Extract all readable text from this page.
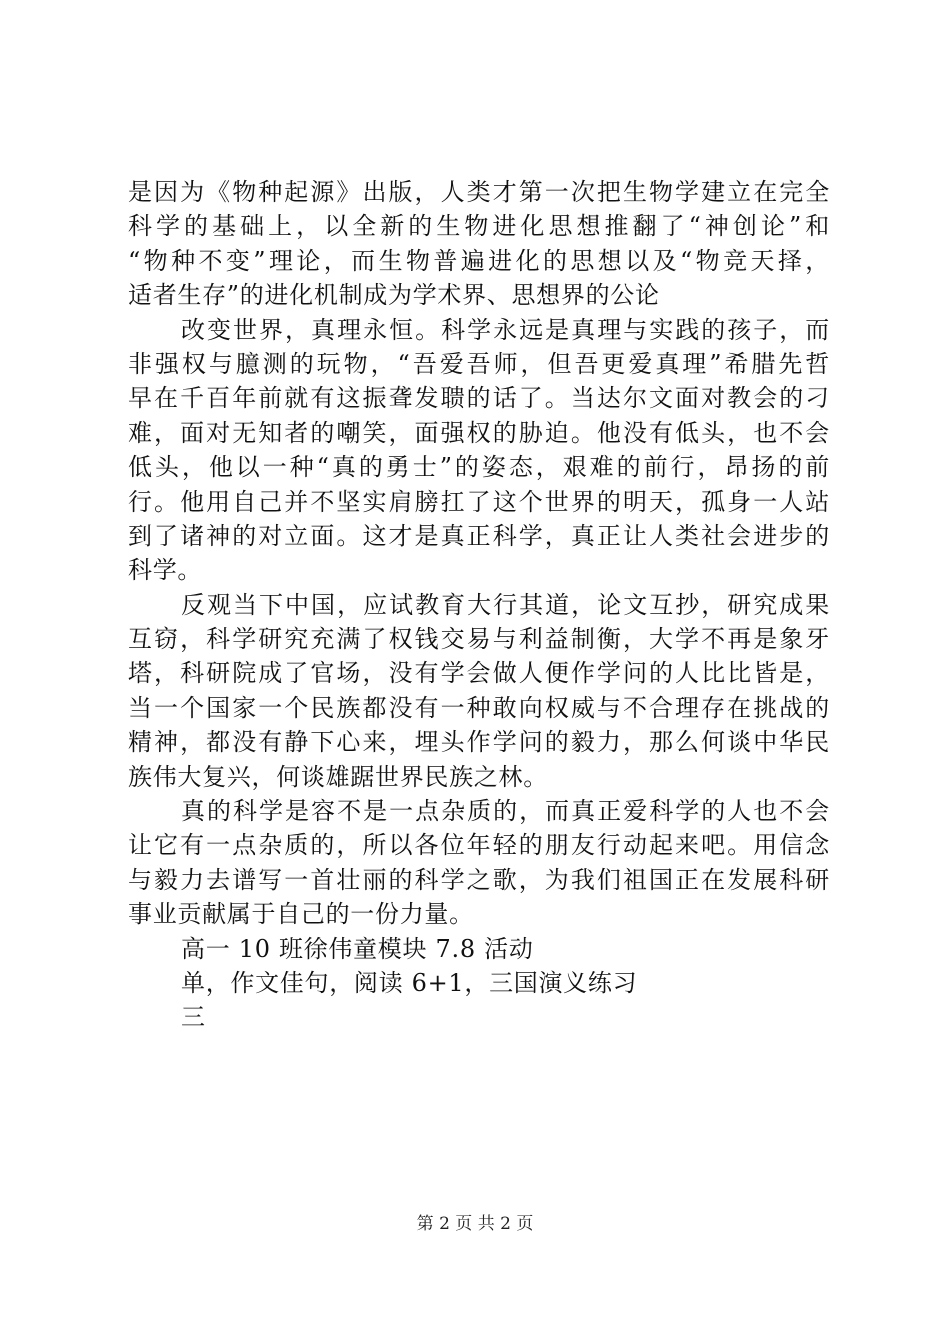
是因为《物种起源》出版，人类才第一次把生物学建立在完全
科学的基础上，以全新的生物进化思想推翻了“神创论”和
“物种不变”理论，而生物普遍进化的思想以及“物竞天择，
适者生存”的进化机制成为学术界、思想界的公论
改变世界，真理永恒。科学永远是真理与实践的孩子，而
非强权与臆测的玩物，“吾爱吾师，但吾更爱真理”希腊先哲
早在千百年前就有这振聋发聩的话了。当达尔文面对教会的刁
难，面对无知者的嘲笑，面强权的胁迫。他没有低头，也不会
低头，他以一种“真的勇士”的姿态，艰难的前行，昂扬的前
行。他用自己并不坚实肩膀扛了这个世界的明天，孤身一人站
到了诸神的对立面。这才是真正科学，真正让人类社会进步的
科学。
反观当下中国，应试教育大行其道，论文互抄，研究成果
互窃，科学研究充满了权钱交易与利益制衡，大学不再是象牙
塔，科研院成了官场，没有学会做人便作学问的人比比皆是，
当一个国家一个民族都没有一种敢向权威与不合理存在挑战的
精神，都没有静下心来，埋头作学问的毅力，那么何谈中华民
族伟大复兴，何谈雄踞世界民族之林。
真的科学是容不是一点杂质的，而真正爱科学的人也不会
让它有一点杂质的，所以各位年轻的朋友行动起来吧。用信念
与毅力去谱写一首壮丽的科学之歌，为我们祖国正在发展科研
事业贡献属于自己的一份力量。
高一 10 班徐伟童模块 7.8 活动
单，作文佳句，阅读 6+1，三国演义练习
三
第 2 页 共 2 页
